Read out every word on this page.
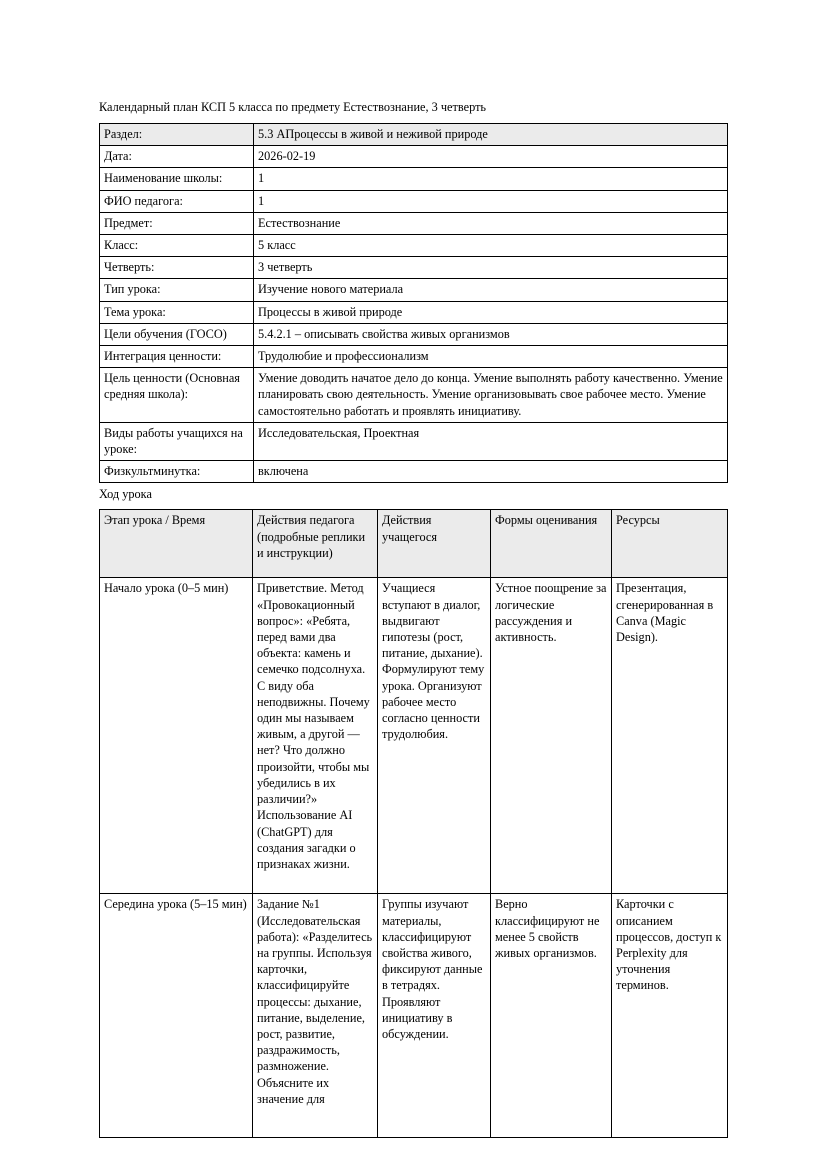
Календарный план КСП 5 класса по предмету Естествознание, 3 четверть

Раздел:	5.3 АПроцессы в живой и неживой природе
Дата:	2026-02-19
Наименование школы:	1
ФИО педагога:	1
Предмет:	Естествознание
Класс:	5 класс
Четверть:	3 четверть
Тип урока:	Изучение нового материала
Тема урока:	Процессы в живой природе
Цели обучения (ГОСО)	5.4.2.1 – описывать свойства живых организмов
Интеграция ценности:	Трудолюбие и профессионализм
Цель ценности (Основная средняя школа):	Умение доводить начатое дело до конца. Умение выполнять работу качественно. Умение планировать свою деятельность. Умение организовывать свое рабочее место. Умение самостоятельно работать и проявлять инициативу.
Виды работы учащихся на уроке:	Исследовательская, Проектная
Физкультминутка:	включена

Ход урока

Этап урока / Время	Действия педагога (подробные реплики и инструкции)	Действия учащегося	Формы оценивания	Ресурсы
Начало урока (0–5 мин)	Приветствие. Метод «Провокационный вопрос»: «Ребята, перед вами два объекта: камень и семечко подсолнуха. С виду оба неподвижны. Почему один мы называем живым, а другой — нет? Что должно произойти, чтобы мы убедились в их различии?» Использование AI (ChatGPT) для создания загадки о признаках жизни.	Учащиеся вступают в диалог, выдвигают гипотезы (рост, питание, дыхание). Формулируют тему урока. Организуют рабочее место согласно ценности трудолюбия.	Устное поощрение за логические рассуждения и активность.	Презентация, сгенерированная в Canva (Magic Design).
Середина урока (5–15 мин)	Задание №1 (Исследовательская работа): «Разделитесь на группы. Используя карточки, классифицируйте процессы: дыхание, питание, выделение, рост, развитие, раздражимость, размножение. Объясните их значение для	Группы изучают материалы, классифицируют свойства живого, фиксируют данные в тетрадях. Проявляют инициативу в обсуждении.	Верно классифицируют не менее 5 свойств живых организмов.	Карточки с описанием процессов, доступ к Perplexity для уточнения терминов.
